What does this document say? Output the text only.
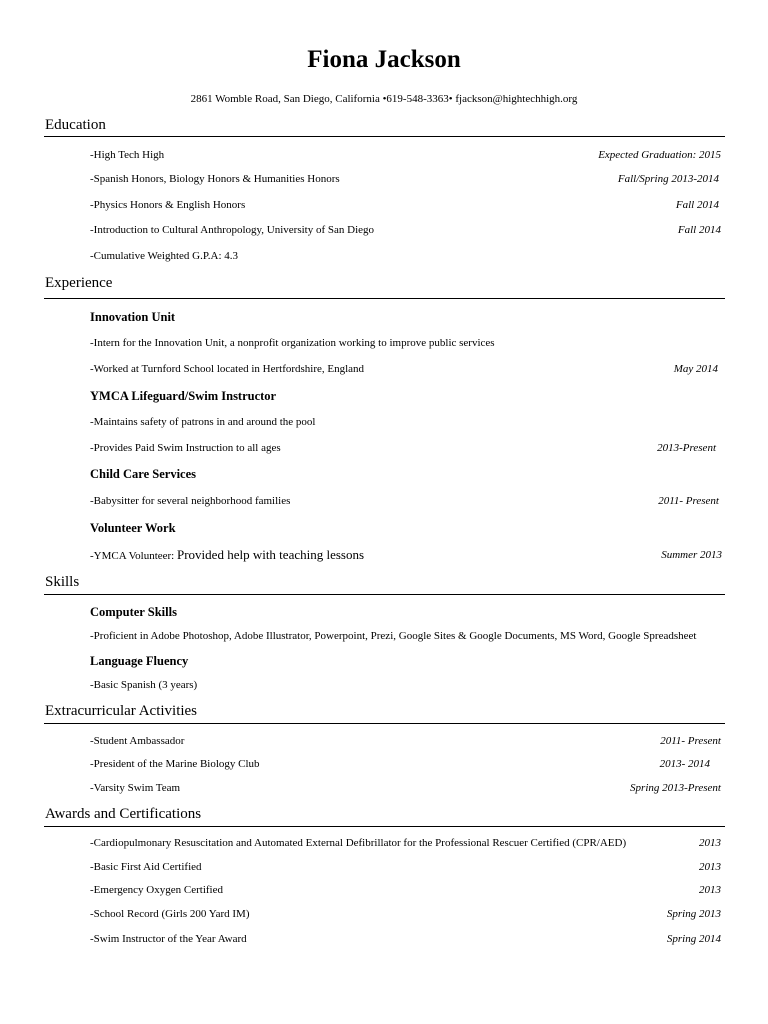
Fiona Jackson
2861 Womble Road, San Diego, California •619-548-3363• fjackson@hightechhigh.org
Education
-High Tech High	Expected Graduation: 2015
-Spanish Honors, Biology Honors & Humanities Honors	Fall/Spring 2013-2014
-Physics Honors & English Honors	Fall 2014
-Introduction to Cultural Anthropology, University of San Diego	Fall 2014
-Cumulative Weighted G.P.A: 4.3
Experience
Innovation Unit
-Intern for the Innovation Unit, a nonprofit organization working to improve public services
-Worked at Turnford School located in Hertfordshire, England	May 2014
YMCA Lifeguard/Swim Instructor
-Maintains safety of patrons in and around the pool
-Provides Paid Swim Instruction to all ages	2013-Present
Child Care Services
-Babysitter for several neighborhood families	2011- Present
Volunteer Work
-YMCA Volunteer: Provided help with teaching lessons	Summer 2013
Skills
Computer Skills
-Proficient in Adobe Photoshop, Adobe Illustrator, Powerpoint, Prezi, Google Sites & Google Documents, MS Word, Google Spreadsheet
Language Fluency
-Basic Spanish (3 years)
Extracurricular Activities
-Student Ambassador	2011- Present
-President of the Marine Biology Club	2013- 2014
-Varsity Swim Team	Spring 2013-Present
Awards and Certifications
-Cardiopulmonary Resuscitation and Automated External Defibrillator for the Professional Rescuer Certified (CPR/AED)	2013
-Basic First Aid Certified	2013
-Emergency Oxygen Certified	2013
-School Record (Girls 200 Yard IM)	Spring 2013
-Swim Instructor of the Year Award	Spring 2014
